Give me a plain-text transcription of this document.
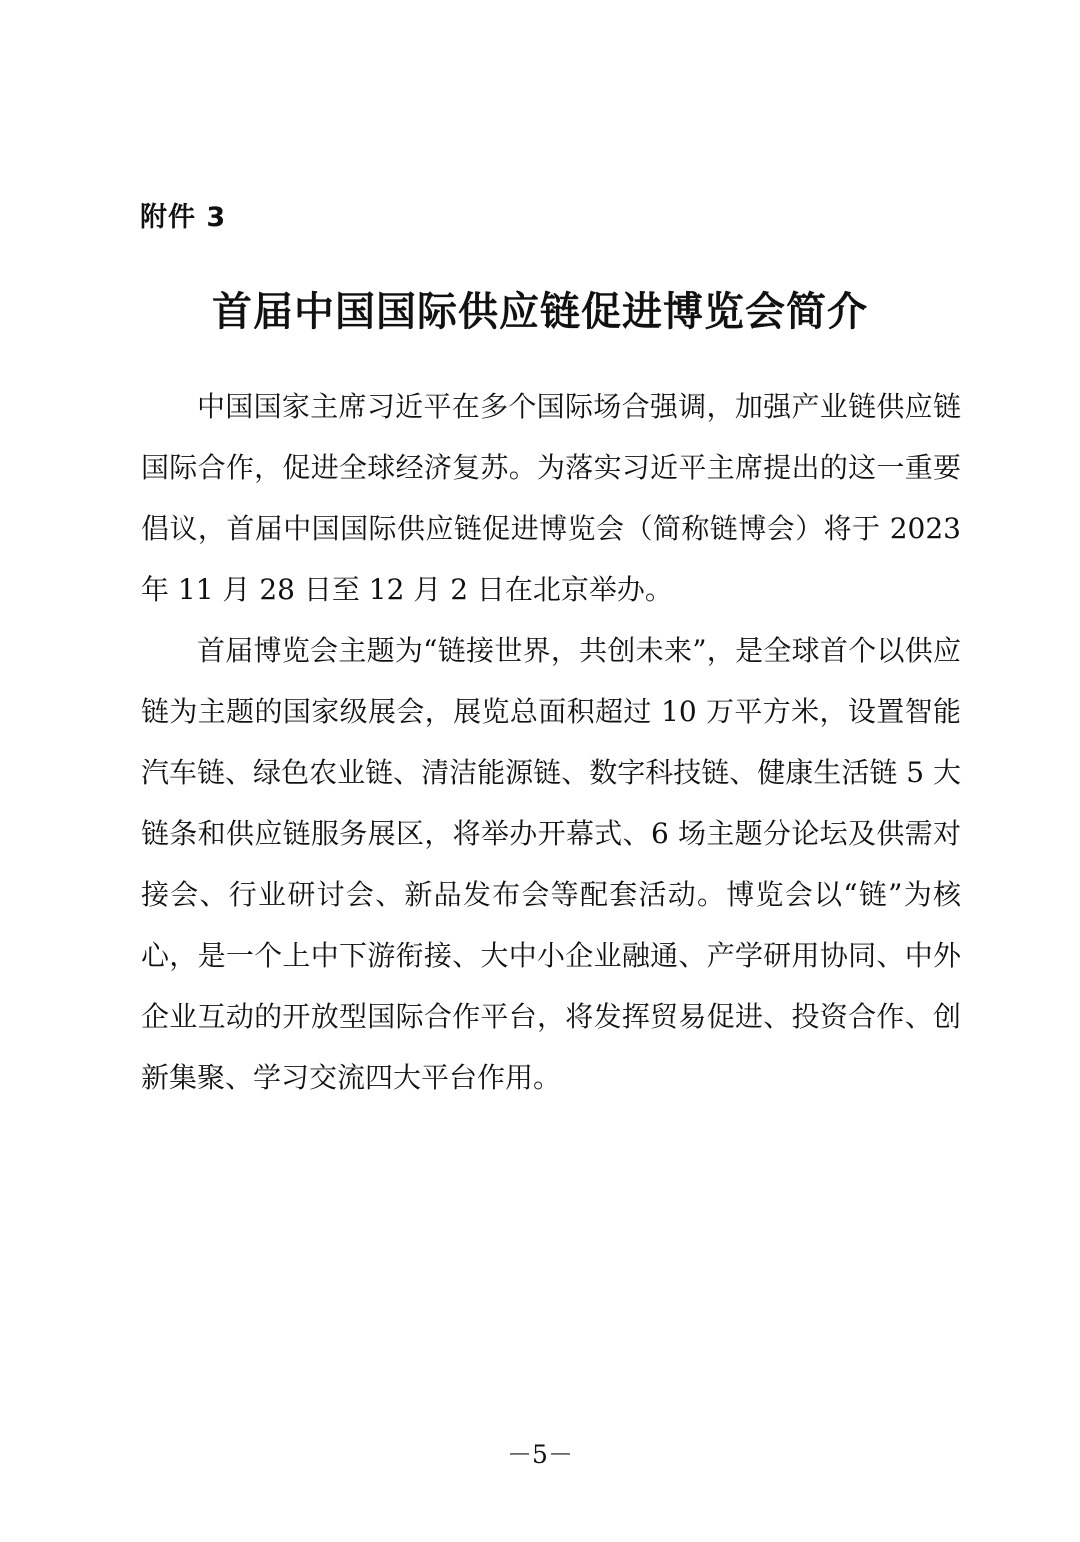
附件 3
首届中国国际供应链促进博览会简介

中国国家主席习近平在多个国际场合强调，加强产业链供应链国际合作，促进全球经济复苏。为落实习近平主席提出的这一重要倡议，首届中国国际供应链促进博览会（简称链博会）将于 2023 年 11 月 28 日至 12 月 2 日在北京举办。

首届博览会主题为“链接世界，共创未来”，是全球首个以供应链为主题的国家级展会，展览总面积超过 10 万平方米，设置智能汽车链、绿色农业链、清洁能源链、数字科技链、健康生活链 5 大链条和供应链服务展区，将举办开幕式、6 场主题分论坛及供需对接会、行业研讨会、新品发布会等配套活动。博览会以“链”为核心，是一个上中下游衔接、大中小企业融通、产学研用协同、中外企业互动的开放型国际合作平台，将发挥贸易促进、投资合作、创新集聚、学习交流四大平台作用。

－5－
